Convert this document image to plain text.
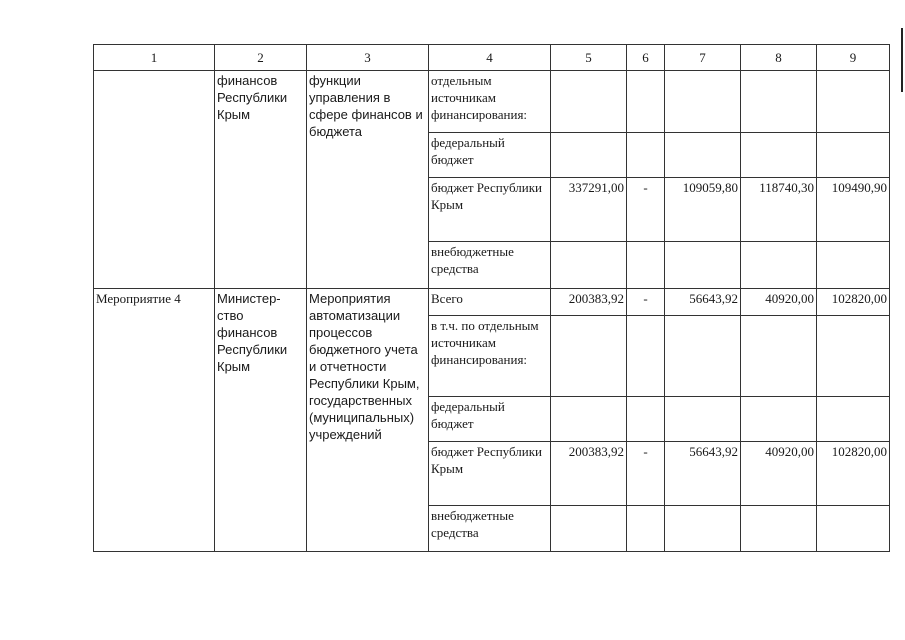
1	2	3	4	5	6	7	8	9
	финансов Республики Крым	функции управления в сфере финансов и бюджета	отдельным источникам финансирования:					
			федеральный бюджет					
			бюджет Республики Крым	337291,00	-	109059,80	118740,30	109490,90
			внебюджетные средства					
Мероприятие 4	Министер-ство финансов Республики Крым	Мероприятия автоматизации процессов бюджетного учета и отчетности Республики Крым, государственных (муниципальных) учреждений	Всего	200383,92	-	56643,92	40920,00	102820,00
			в т.ч. по отдельным источникам финансирования:					
			федеральный бюджет					
			бюджет Республики Крым	200383,92	-	56643,92	40920,00	102820,00
			внебюджетные средства					
